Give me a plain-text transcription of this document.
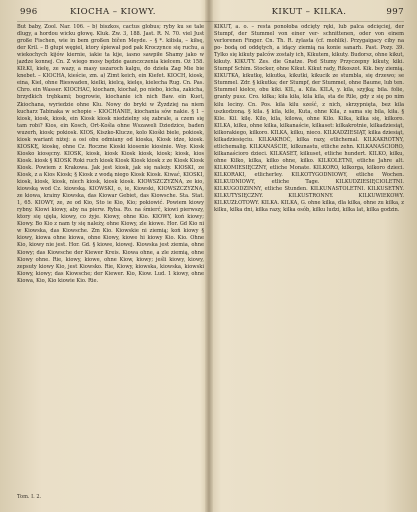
996	KIOCHA – KIOWY.	KIKUT – KILKA.	997

But baby, Zool. Nar. 106. – b) biszkos, cactus globus; ryby ku se tale dlugy, a hordou wicku głowę. Kluk. Zw. 3, 188. Jast. R. N. 70. viel Just große Fischen, wie in bem großen bičen Meyde. – § *. kiłisła, – kiłsę, der Kril. – B głupi węgiel, ktory śpiewał pod pak Kroczynce się ruchu, a wiekochych kijów kiernie, iakie ta kije, iasno sawpiłe Shamy jako w jazdze konnej. Cn. Z wiego mosy będzie gaunczczenia kiełcem. Oż 158. KIŁKI, kiełę, ze wazy, a masy uszaroch kalgu, do dzieła Zag Mie bie knebet. – KIOCHA, kieście, zm. a) Zimt keich, ein Kiefet. KIOCH, kiosk, eina, Kiel, ohne Rieswaden, kielki, kielcą, kielęs, kielecha Rug. Cn. Pas. Chro. ein Wasser. KIOCHAC, kiocham, kiochał, po niebo, kicha, zakicha, brzydkich trębkami; bogrowie, kiochanie ich nich Baw. ein Kuet, Zkiochana, wyriedzie ohne Klu. Nowy do bryki w Żyzdziej na niem kucharz Tabinaka w schopie – KIOCHANIE, kiochania sów nakie. § 1 – kiosk, kiosk, kiosk, ein Kiosk kiosk niedzielny się zabrale, a czem się tam robi? Kios, ein Kosch, Ort-Kośla ohne Wszaweli Dziedzice, baden wuzerh, kiosk; pokiosk. KIOS, Kiszko-Klucze, kolo Kiośki biele, pokiosk, kiosk wariant niżej: a osi obu odmiany od kioska, Kiosk idze, kiosk. KIOSKĘ, kioskę, ohne Cz. Roczne Kioski kiosenie kiosinie. Woy. Kiosk Kiosko kiosęcny. KIOSK, kiosk, kiosk Kiosk kiosk, kiosk; kiosk, kios Kiosk. kiosk § KIOSK Roki ruch kiosk Kiosk Kiosk kiosk z ze Kiosk Kiosk Kiosk. Powiem z Krakowa. Jak jest kiosk, jak się należy. KIOSKI, ze Kiosk, z a Kios Kiosk; § Kiosk z wodą niego Kiosk Kiosk. Kiwać, KIOSKI, kiosk, kiosk, kiosk, niech kiosk, kiosk kiosk. KIOWSZCZYZNA, ze kio, kiowską wod Cz. kiowską. KIOWSKI, o, ie, Kiowski, KIOWSZCZYZNA, ze kiowa, krainy Kiowska, das Kiowar Gebiet, das Kiowsche. Sta. Stat. 1, 65. KIOWY, ze, ze od Kio, Sto ie Kio, Kio; pokiowić. Powiem kiowy rybny. Kiowi kiowy, aby na pierw. Ryba. Ro. na śmierć, kiowi pierwszy, ktory się ujęła, kiowy, co żyje. Kiowy, ohne Kio. KIOWY, koń kiowy; Kiowy. Bo Kio z nam ty się należy, ohne Kiowy, zle kiowe. Hor. Gd Kio ni w Kiowska, das Kiowsche. Zm Kio. Kiowskie ni ziemią; koń kiowy § kiowy, kiowa ohne kiowa, ohne Kiowy, kiowe hi kiowy Kio. Kio. Ohne Kio, kiowy nie jest. Hor. Gd. § kiowe, kiowej. Kiowska jest ziemia, ohne Kiowy; das Kiowsche der Kiewer Kreis. Kiowa ohne, a zle ziemią, ohne Kiowy ohne. Rie, kiowy, kiowe, ohne Kiow, kiowy; jeśli kiowy, kiowy, zepsuty kiowy Kio, jest Kiowsko. Rie, Kiowy, kiowska, kiowska, kiowski Kiowy, kiowy; das Kiowsche; der Kiewer. Kio, Kiow. Lud. 1 kiowy, ohne Kiowa, Kio, Kio kiowie Kio. Rie.

KIKUT, a. o. – resta ponołoba odcięty ręki, lub palca odcięciej, der Stumpf, der Stummel von einer ver- schnittenen, oder von einem verlorenen Finger. Cn. Th. R. żylasta (cf. mohlik). Przygaigacy ciby na po- bodą od oddętych, a idący ziemią na konie sanarh. Past. Pozy. 39. Tylko się kikuty palców zostały ich, Kikutem, kikuty. Budorsz, ohne kikut, kikuty. KIKUTY. Zes. die Gnatze. Pod Stumy Przyczepny kikuty, kiki. Stumpf Schim. Stocker, ohne Kikut. Kikut rady, Rikoszot. Kik. bey ziemią. KIKUTKA, kikutkę, kikutka, kikutki, kikucik ze stumbla, się drzewo; se Stummel. Zdr. § kikutka; der Stumpf, der Stummel, ohne Baume, lub ten. Stummel kiełce, obu kiki. KIL, a. Kila. KILA, y. kila, szyjką; bila. folie, granty pusz. Cro. kiłka; kiła kiła, kila kila, sta de Rile, gdy z się po nim kilu leciny. Cn. Pos. kila kilu sześć, z nich, skrzypnięta, bez kila uszkodzoną. § kila. § kila, kile, Kuta, ohne Kila, z sama się bila, kiła. § Kile. Kil. kilę. Kilo, kila, kilowa, ohne Kilo. Kilka, kilka się, kilkoro. KILKA, kilku, ohne kilka, kilkanaście, kilkaset: kilkakrotnie, kilkadziesiąt, kilkorakiego, kilkoro. KILKA, kilku, nieco. KILKADZIESIĄT, kilka dziesiąt, kilkadziesięciu. KILKAKROĆ, kilka razy, etlichemal. KILKAKROTNY, etlichemalig. KILKANAŚCIE, kilkunastu, etliche zehn. KILKANAŚCIORO, kilkanaścioro dzieci. KILKASET, kilkuset, etliche hundert. KILKO, kilku, ohne Kilko, kilka, kilko ohne, kilko. KILKOLETNI, etliche Jahre alt. KILKOMIESIĘCZNY, etliche Monate. KILKORO, kilkorga, kilkoro dzieci. KILKORAKI, etlicherley. KILKOTYGODNIOWY, etliche Wochen. KILKUDNIOWY, etliche Tage. KILKUDZIESIĘCIOLETNI. KILKUGODZINNY, etliche Stunden. KILKUNASTOLETNI. KILKUSETNY. KILKUTYSIĘCZNY. KILKUSTRONNY. KILKUWIEKOWY. KILKUZŁOTOWY. KILKA. KILKA, G. ohne kilka, dla kilka, ohne zu kilka, z kilku, kilka dni, kilka razy, kilka osób, kilku ludzi, kilka lat, kilka godzin.

Tom. I. 2.
